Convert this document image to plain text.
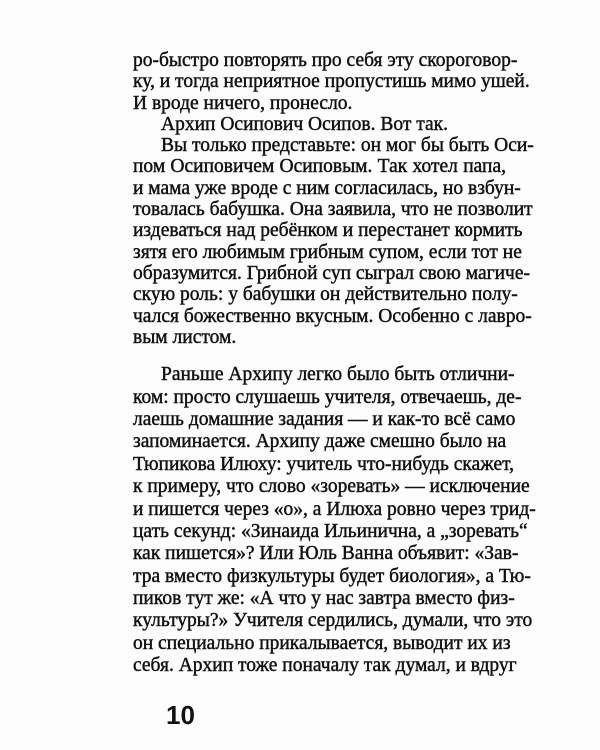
ро-быстро повторять про себя эту скороговор-
ку, и тогда неприятное пропустишь мимо ушей.
И вроде ничего, пронесло.
Архип Осипович Осипов. Вот так.
Вы только представьте: он мог бы быть Оси-
пом Осиповичем Осиповым. Так хотел папа,
и мама уже вроде с ним согласилась, но взбун-
товалась бабушка. Она заявила, что не позволит
издеваться над ребёнком и перестанет кормить
зятя его любимым грибным супом, если тот не
образумится. Грибной суп сыграл свою магиче-
скую роль: у бабушки он действительно полу-
чался божественно вкусным. Особенно с лавро-
вым листом.
Раньше Архипу легко было быть отлични-
ком: просто слушаешь учителя, отвечаешь, де-
лаешь домашние задания — и как-то всё само
запоминается. Архипу даже смешно было на
Тюпикова Илюху: учитель что-нибудь скажет,
к примеру, что слово «зоревать» — исключение
и пишется через «о», а Илюха ровно через трид-
цать секунд: «Зинаида Ильинична, а „зоревать“
как пишется»? Или Юль Ванна объявит: «Зав-
тра вместо физкультуры будет биология», а Тю-
пиков тут же: «А что у нас завтра вместо физ-
культуры?» Учителя сердились, думали, что это
он специально прикалывается, выводит их из
себя. Архип тоже поначалу так думал, и вдруг
10
